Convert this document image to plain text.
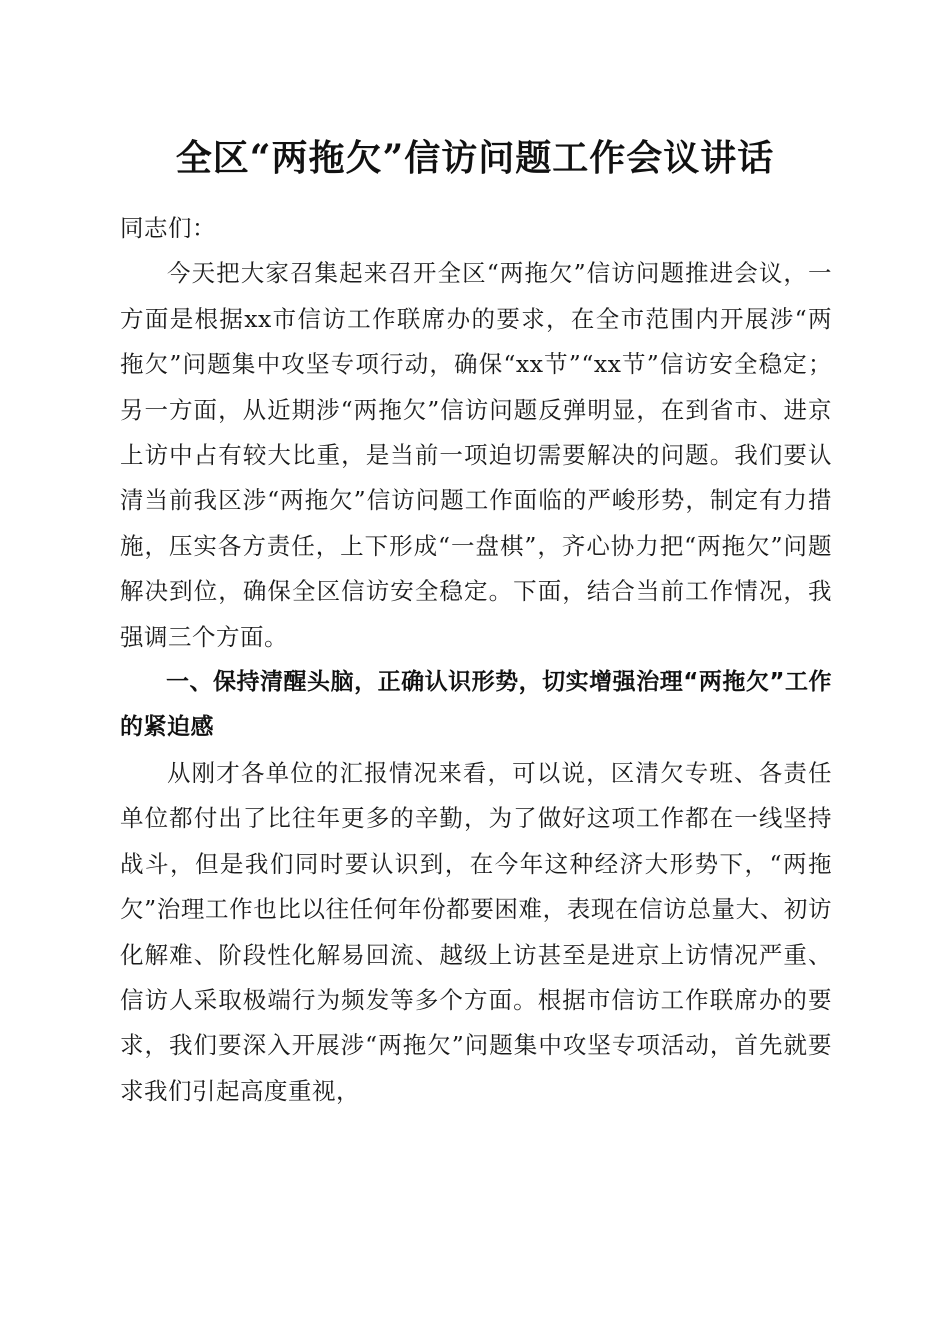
全区“两拖欠”信访问题工作会议讲话

同志们：

今天把大家召集起来召开全区“两拖欠”信访问题推进会议，一方面是根据xx市信访工作联席办的要求，在全市范围内开展涉“两拖欠”问题集中攻坚专项行动，确保“xx节”“xx节”信访安全稳定；另一方面，从近期涉“两拖欠”信访问题反弹明显，在到省市、进京上访中占有较大比重，是当前一项迫切需要解决的问题。我们要认清当前我区涉“两拖欠”信访问题工作面临的严峻形势，制定有力措施，压实各方责任，上下形成“一盘棋”，齐心协力把“两拖欠”问题解决到位，确保全区信访安全稳定。下面，结合当前工作情况，我强调三个方面。

一、保持清醒头脑，正确认识形势，切实增强治理“两拖欠”工作的紧迫感

从刚才各单位的汇报情况来看，可以说，区清欠专班、各责任单位都付出了比往年更多的辛勤，为了做好这项工作都在一线坚持战斗，但是我们同时要认识到，在今年这种经济大形势下，“两拖欠”治理工作也比以往任何年份都要困难，表现在信访总量大、初访化解难、阶段性化解易回流、越级上访甚至是进京上访情况严重、信访人采取极端行为频发等多个方面。根据市信访工作联席办的要求，我们要深入开展涉“两拖欠”问题集中攻坚专项活动，首先就要求我们引起高度重视，
